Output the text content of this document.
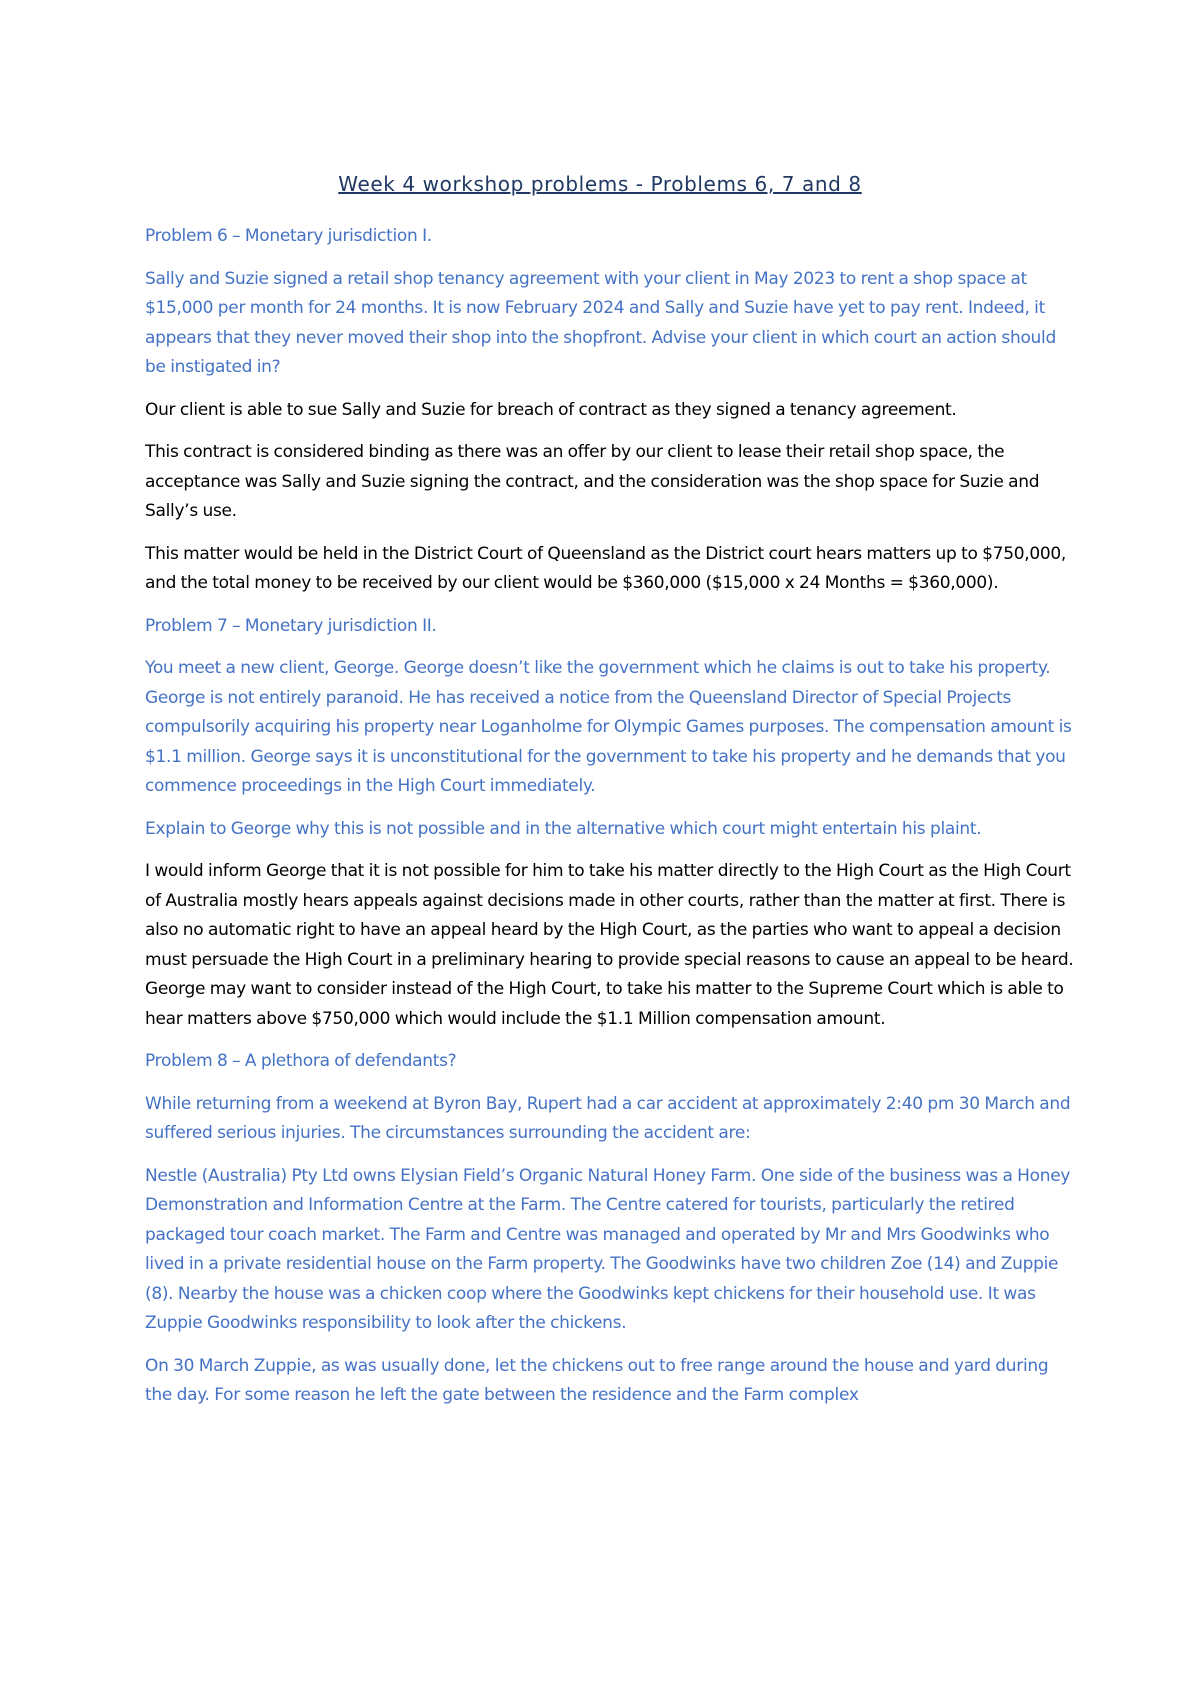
Week 4 workshop problems - Problems 6, 7 and 8

Problem 6 – Monetary jurisdiction I.

Sally and Suzie signed a retail shop tenancy agreement with your client in May 2023 to rent a shop space at $15,000 per month for 24 months. It is now February 2024 and Sally and Suzie have yet to pay rent. Indeed, it appears that they never moved their shop into the shopfront. Advise your client in which court an action should be instigated in?

Our client is able to sue Sally and Suzie for breach of contract as they signed a tenancy agreement.

This contract is considered binding as there was an offer by our client to lease their retail shop space, the acceptance was Sally and Suzie signing the contract, and the consideration was the shop space for Suzie and Sally’s use.

This matter would be held in the District Court of Queensland as the District court hears matters up to $750,000, and the total money to be received by our client would be $360,000 ($15,000 x 24 Months = $360,000).

Problem 7 – Monetary jurisdiction II.

You meet a new client, George. George doesn’t like the government which he claims is out to take his property. George is not entirely paranoid. He has received a notice from the Queensland Director of Special Projects compulsorily acquiring his property near Loganholme for Olympic Games purposes. The compensation amount is $1.1 million. George says it is unconstitutional for the government to take his property and he demands that you commence proceedings in the High Court immediately.

Explain to George why this is not possible and in the alternative which court might entertain his plaint.

I would inform George that it is not possible for him to take his matter directly to the High Court as the High Court of Australia mostly hears appeals against decisions made in other courts, rather than the matter at first. There is also no automatic right to have an appeal heard by the High Court, as the parties who want to appeal a decision must persuade the High Court in a preliminary hearing to provide special reasons to cause an appeal to be heard. George may want to consider instead of the High Court, to take his matter to the Supreme Court which is able to hear matters above $750,000 which would include the $1.1 Million compensation amount.

Problem 8 – A plethora of defendants?

While returning from a weekend at Byron Bay, Rupert had a car accident at approximately 2:40 pm 30 March and suffered serious injuries. The circumstances surrounding the accident are:

Nestle (Australia) Pty Ltd owns Elysian Field’s Organic Natural Honey Farm. One side of the business was a Honey Demonstration and Information Centre at the Farm. The Centre catered for tourists, particularly the retired packaged tour coach market. The Farm and Centre was managed and operated by Mr and Mrs Goodwinks who lived in a private residential house on the Farm property. The Goodwinks have two children Zoe (14) and Zuppie (8). Nearby the house was a chicken coop where the Goodwinks kept chickens for their household use. It was Zuppie Goodwinks responsibility to look after the chickens.

On 30 March Zuppie, as was usually done, let the chickens out to free range around the house and yard during the day. For some reason he left the gate between the residence and the Farm complex
